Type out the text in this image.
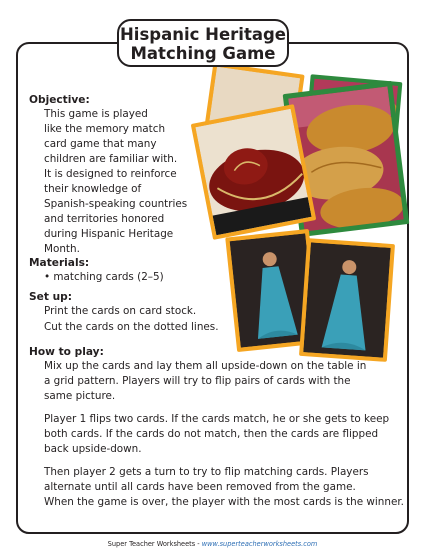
Hispanic Heritage
Matching Game
Objective:
This game is played
like the memory match
card game that many
children are familiar with.
It is designed to reinforce
their knowledge of
Spanish-speaking countries
and territories honored
during Hispanic Heritage
Month.
Materials:
• matching cards (2–5)
Set up:
Print the cards on card stock.
Cut the cards on the dotted lines.
How to play:
Mix up the cards and lay them all upside-down on the table in
a grid pattern. Players will try to flip pairs of cards with the
same picture.
Player 1 flips two cards. If the cards match, he or she gets to keep
both cards. If the cards do not match, then the cards are flipped
back upside-down.
Then player 2 gets a turn to try to flip matching cards. Players
alternate until all cards have been removed from the game.
When the game is over, the player with the most cards is the winner.
Super Teacher Worksheets - www.superteacherworksheets.com
